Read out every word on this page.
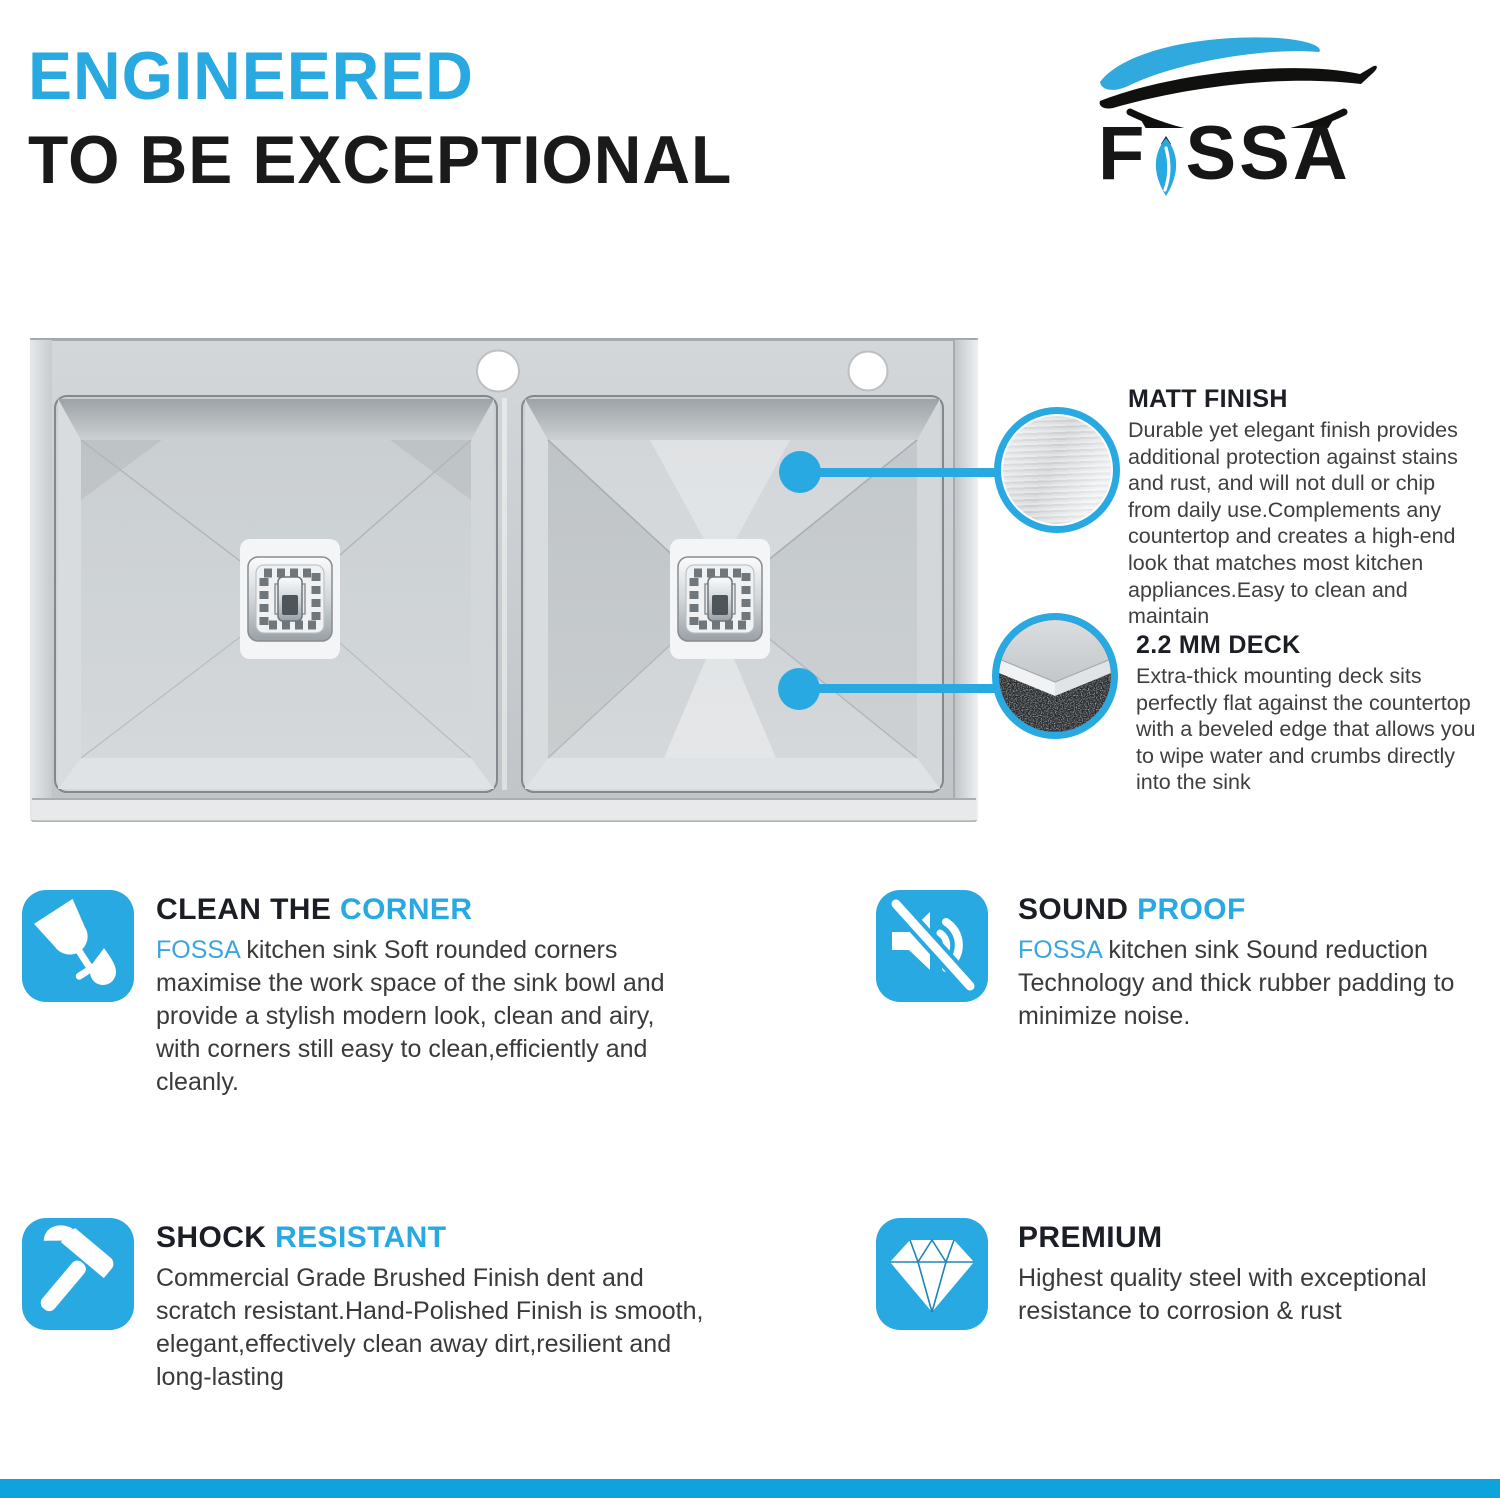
ENGINEERED
TO BE EXCEPTIONAL	F SSA
MATT FINISH
Durable yet elegant finish provides additional protection against stains and rust, and will not dull or chip from daily use.Complements any countertop and creates a high-end look that matches most kitchen appliances.Easy to clean and maintain
2.2 MM DECK
Extra-thick mounting deck sits perfectly flat against the countertop with a beveled edge that allows you to wipe water and crumbs directly into the sink
CLEAN THE CORNER
FOSSA kitchen sink Soft rounded corners maximise the work space of the sink bowl and provide a stylish modern look, clean and airy, with corners still easy to clean,efficiently and cleanly.
SOUND PROOF
FOSSA kitchen sink Sound reduction Technology and thick rubber padding to minimize noise.
SHOCK RESISTANT
Commercial Grade Brushed Finish dent and scratch resistant.Hand-Polished Finish is smooth, elegant,effectively clean away dirt,resilient and long-lasting
PREMIUM
Highest quality steel with exceptional resistance to corrosion & rust
